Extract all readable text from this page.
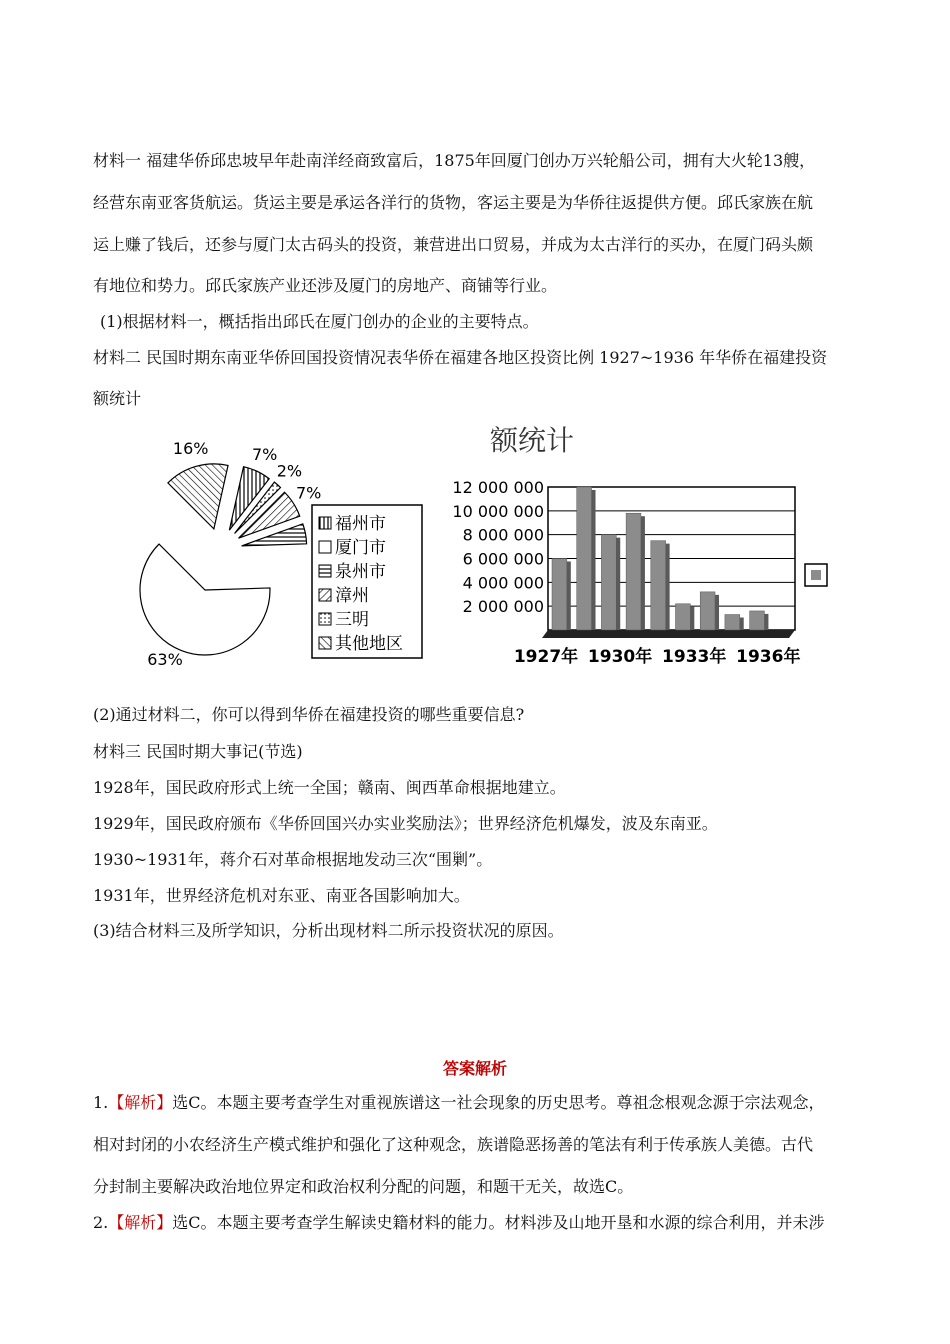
材料一 福建华侨邱忠坡早年赴南洋经商致富后，1875年回厦门创办万兴轮船公司，拥有大火轮13艘，
经营东南亚客货航运。货运主要是承运各洋行的货物，客运主要是为华侨往返提供方便。邱氏家族在航
运上赚了钱后，还参与厦门太古码头的投资，兼营进出口贸易，并成为太古洋行的买办，在厦门码头颇
有地位和势力。邱氏家族产业还涉及厦门的房地产、商铺等行业。
(1)根据材料一，概括指出邱氏在厦门创办的企业的主要特点。
材料二 民国时期东南亚华侨回国投资情况表华侨在福建各地区投资比例 1927~1936 年华侨在福建投资
额统计
16%	7%
2%
7%
63%
福州市
厦门市
泉州市
漳州
三明
其他地区
额统计
12 000 000
10 000 000
8 000 000
6 000 000
4 000 000
2 000 000
1927年 1930年 1933年 1936年
(2)通过材料二，你可以得到华侨在福建投资的哪些重要信息?
材料三 民国时期大事记(节选)
1928年，国民政府形式上统一全国；赣南、闽西革命根据地建立。
1929年，国民政府颁布《华侨回国兴办实业奖励法》；世界经济危机爆发，波及东南亚。
1930~1931年，蒋介石对革命根据地发动三次“围剿”。
1931年，世界经济危机对东亚、南亚各国影响加大。
(3)结合材料三及所学知识，分析出现材料二所示投资状况的原因。
答案解析
1.【解析】选C。本题主要考查学生对重视族谱这一社会现象的历史思考。尊祖念根观念源于宗法观念，
相对封闭的小农经济生产模式维护和强化了这种观念，族谱隐恶扬善的笔法有利于传承族人美德。古代
分封制主要解决政治地位界定和政治权利分配的问题，和题干无关，故选C。
2.【解析】选C。本题主要考查学生解读史籍材料的能力。材料涉及山地开垦和水源的综合利用，并未涉
